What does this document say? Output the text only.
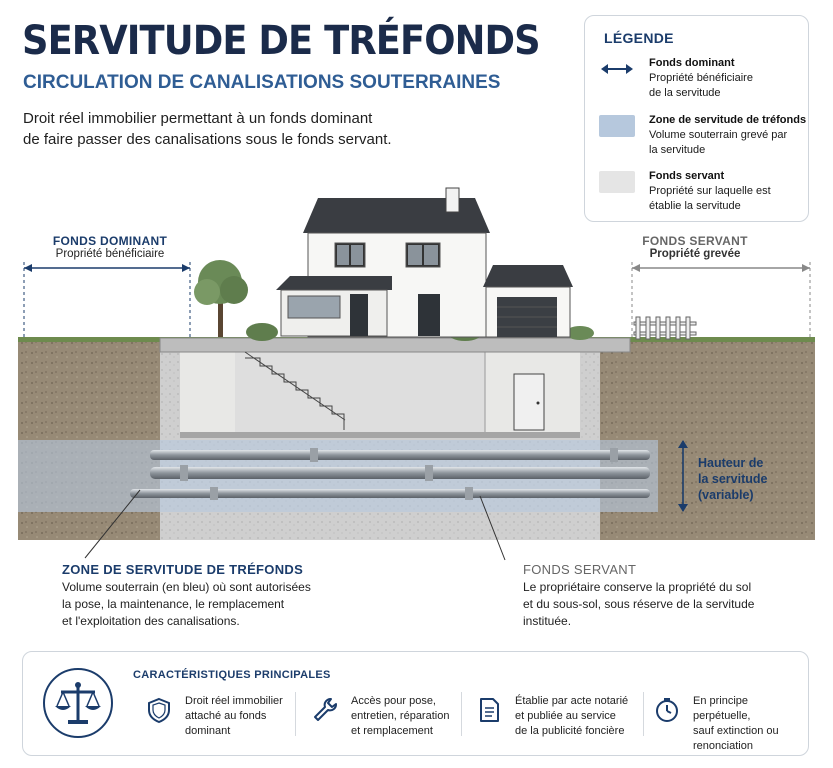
SERVITUDE DE TRÉFONDS
CIRCULATION DE CANALISATIONS SOUTERRAINES
Droit réel immobilier permettant à un fonds dominant
de faire passer des canalisations sous le fonds servant.
LÉGENDE
Fonds dominant
Propriété bénéficiaire
de la servitude
Zone de servitude de tréfonds
Volume souterrain grevé par
la servitude
Fonds servant
Propriété sur laquelle est
établie la servitude
FONDS DOMINANT
Propriété bénéficiaire
FONDS SERVANT
Propriété grevée
Hauteur de
la servitude
(variable)
ZONE DE SERVITUDE DE TRÉFONDS
Volume souterrain (en bleu) où sont autorisées
la pose, la maintenance, le remplacement
et l'exploitation des canalisations.
FONDS SERVANT
Le propriétaire conserve la propriété du sol
et du sous-sol, sous réserve de la servitude
instituée.
CARACTÉRISTIQUES PRINCIPALES
Droit réel immobilier
attaché au fonds
dominant
Accès pour pose,
entretien, réparation
et remplacement
Établie par acte notarié
et publiée au service
de la publicité foncière
En principe perpétuelle,
sauf extinction ou
renonciation
